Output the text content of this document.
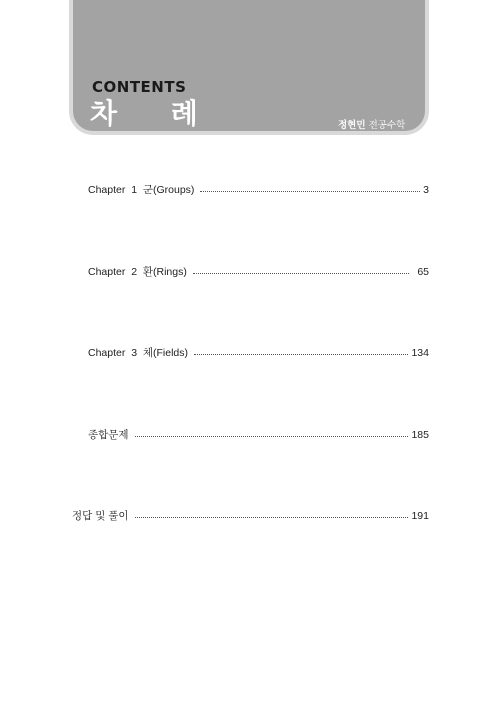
CONTENTS
차 례	정현민 전공수학
Chapter  1  군(Groups)	3
Chapter  2  환(Rings)	65
Chapter  3  체(Fields)	134
종합문제	185
정답 및 풀이	191
